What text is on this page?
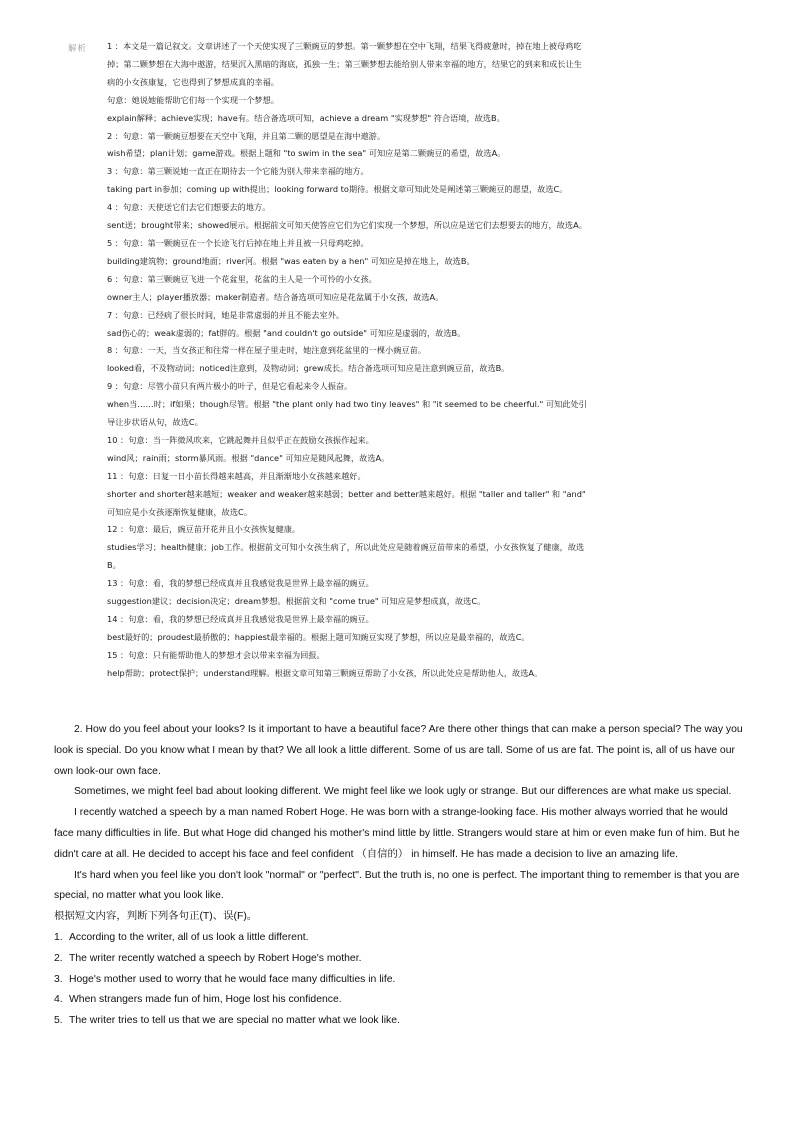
解析 1 ：本文是一篇记叙文。文章讲述了一个天使实现了三颗豌豆的梦想。第一颗梦想在空中飞翔，结果飞得疲惫时，掉在地上被母鸡吃
掉；第二颗梦想在大海中遨游，结果沉入黑暗的海底，孤独一生；第三颗梦想去能给别人带来幸福的地方，结果它的到来和成长让生
病的小女孩康复，它也得到了梦想成真的幸福。
句意：她说她能帮助它们每一个实现一个梦想。
explain解释；achieve实现；have有。结合备选项可知，achieve a dream "实现梦想" 符合语境，故选B。
2 ：句意：第一颗豌豆想要在天空中飞翔，并且第二颗的愿望是在海中遨游。
wish希望；plan计划；game游戏。根据上题和 "to swim in the sea" 可知应是第二颗豌豆的希望，故选A。
3 ：句意：第三颗说她一直正在期待去一个它能为别人带来幸福的地方。
taking part in参加；coming up with提出；looking forward to期待。根据文章可知此处是阐述第三颗豌豆的愿望，故选C。
4 ：句意：天使送它们去它们想要去的地方。
sent送；brought带来；showed展示。根据前文可知天使答应它们为它们实现一个梦想，所以应是送它们去想要去的地方，故选A。
5 ：句意：第一颗豌豆在一个长途飞行后掉在地上并且被一只母鸡吃掉。
building建筑物；ground地面；river河。根据 "was eaten by a hen" 可知应是掉在地上，故选B。
6 ：句意：第三颗豌豆飞进一个花盆里，花盆的主人是一个可怜的小女孩。
owner主人；player播放器；maker制造者。结合备选项可知应是花盆属于小女孩，故选A。
7 ：句意：已经病了很长时间，她是非常虚弱的并且不能去室外。
sad伤心的；weak虚弱的；fat胖的。根据 "and couldn't go outside" 可知应是虚弱的，故选B。
8 ：句意：一天，当女孩正和往常一样在屋子里走时，她注意到花盆里的一棵小豌豆苗。
looked看，不及物动词；noticed注意到，及物动词；grew成长。结合备选项可知应是注意到豌豆苗，故选B。
9 ：句意：尽管小苗只有两片极小的叶子，但是它看起来令人振奋。
when当……时；if如果；though尽管。根据 "the plant only had two tiny leaves" 和 "it seemed to be cheerful." 可知此处引
导让步状语从句，故选C。
10 ：句意：当一阵微风吹来，它跳起舞并且似乎正在鼓励女孩振作起来。
wind风；rain雨；storm暴风雨。根据 "dance" 可知应是随风起舞，故选A。
11 ：句意：日复一日小苗长得越来越高，并且渐渐地小女孩越来越好。
shorter and shorter越来越短；weaker and weaker越来越弱；better and better越来越好。根据 "taller and taller" 和 "and"
可知应是小女孩逐渐恢复健康，故选C。
12 ：句意：最后，豌豆苗开花并且小女孩恢复健康。
studies学习；health健康；job工作。根据前文可知小女孩生病了，所以此处应是随着豌豆苗带来的希望，小女孩恢复了健康，故选
B。
13 ：句意：看，我的梦想已经成真并且我感觉我是世界上最幸福的豌豆。
suggestion建议；decision决定；dream梦想。根据前文和 "come true" 可知应是梦想成真，故选C。
14 ：句意：看，我的梦想已经成真并且我感觉我是世界上最幸福的豌豆。
best最好的；proudest最骄傲的；happiest最幸福的。根据上题可知豌豆实现了梦想，所以应是最幸福的，故选C。
15 ：句意：只有能帮助他人的梦想才会以带来幸福为回报。
help帮助；protect保护；understand理解。根据文章可知第三颗豌豆帮助了小女孩，所以此处应是帮助他人，故选A。

2. How do you feel about your looks? Is it important to have a beautiful face? Are there other things that can make a person special? The way you look is special. Do you know what I mean by that? We all look a little different. Some of us are tall. Some of us are fat. The point is, all of us have our own look-our own face.

Sometimes, we might feel bad about looking different. We might feel like we look ugly or strange. But our differences are what make us special.

I recently watched a speech by a man named Robert Hoge. He was born with a strange-looking face. His mother always worried that he would face many difficulties in life. But what Hoge did changed his mother's mind little by little. Strangers would stare at him or even make fun of him. But he didn't care at all. He decided to accept his face and feel confident （自信的） in himself. He has made a decision to live an amazing life.

It's hard when you feel like you don't look "normal" or "perfect". But the truth is, no one is perfect. The important thing to remember is that you are special, no matter what you look like.

根据短文内容，判断下列各句正(T)、误(F)。

1. According to the writer, all of us look a little different.
2. The writer recently watched a speech by Robert Hoge's mother.
3. Hoge's mother used to worry that he would face many difficulties in life.
4. When strangers made fun of him, Hoge lost his confidence.
5. The writer tries to tell us that we are special no matter what we look like.
